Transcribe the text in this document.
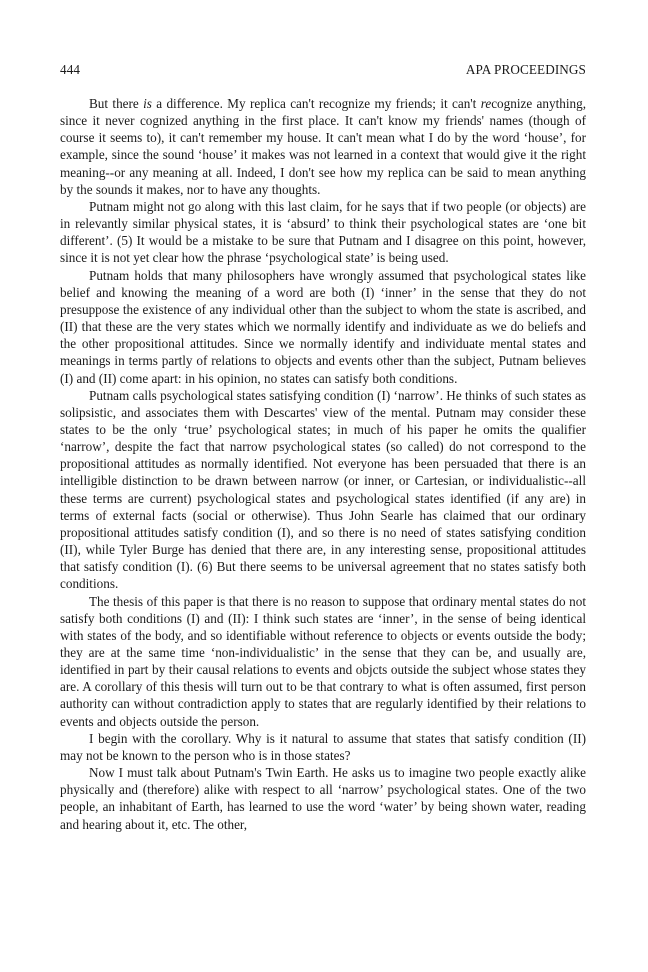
444	APA PROCEEDINGS

But there is a difference. My replica can't recognize my friends; it can't recognize anything, since it never cognized anything in the first place. It can't know my friends' names (though of course it seems to), it can't remember my house. It can't mean what I do by the word ‘house’, for example, since the sound ‘house’ it makes was not learned in a context that would give it the right meaning--or any meaning at all. Indeed, I don't see how my replica can be said to mean anything by the sounds it makes, nor to have any thoughts.

Putnam might not go along with this last claim, for he says that if two people (or objects) are in relevantly similar physical states, it is ‘absurd’ to think their psychological states are ‘one bit different’. (5) It would be a mistake to be sure that Putnam and I disagree on this point, however, since it is not yet clear how the phrase ‘psychological state’ is being used.

Putnam holds that many philosophers have wrongly assumed that psychological states like belief and knowing the meaning of a word are both (I) ‘inner’ in the sense that they do not presuppose the existence of any individual other than the subject to whom the state is ascribed, and (II) that these are the very states which we normally identify and individuate as we do beliefs and the other propositional attitudes. Since we normally identify and individuate mental states and meanings in terms partly of relations to objects and events other than the subject, Putnam believes (I) and (II) come apart: in his opinion, no states can satisfy both conditions.

Putnam calls psychological states satisfying condition (I) ‘narrow’. He thinks of such states as solipsistic, and associates them with Descartes' view of the mental. Putnam may consider these states to be the only ‘true’ psychological states; in much of his paper he omits the qualifier ‘narrow’, despite the fact that narrow psychological states (so called) do not correspond to the propositional attitudes as normally identified. Not everyone has been persuaded that there is an intelligible distinction to be drawn between narrow (or inner, or Cartesian, or individualistic--all these terms are current) psychological states and psychological states identified (if any are) in terms of external facts (social or otherwise). Thus John Searle has claimed that our ordinary propositional attitudes satisfy condition (I), and so there is no need of states satisfying condition (II), while Tyler Burge has denied that there are, in any interesting sense, propositional attitudes that satisfy condition (I). (6) But there seems to be universal agreement that no states satisfy both conditions.

The thesis of this paper is that there is no reason to suppose that ordinary mental states do not satisfy both conditions (I) and (II): I think such states are ‘inner’, in the sense of being identical with states of the body, and so identifiable without reference to objects or events outside the body; they are at the same time ‘non-individualistic’ in the sense that they can be, and usually are, identified in part by their causal relations to events and objcts outside the subject whose states they are. A corollary of this thesis will turn out to be that contrary to what is often assumed, first person authority can without contradiction apply to states that are regularly identified by their relations to events and objects outside the person.

I begin with the corollary. Why is it natural to assume that states that satisfy condition (II) may not be known to the person who is in those states?

Now I must talk about Putnam's Twin Earth. He asks us to imagine two people exactly alike physically and (therefore) alike with respect to all ‘narrow’ psychological states. One of the two people, an inhabitant of Earth, has learned to use the word ‘water’ by being shown water, reading and hearing about it, etc. The other,
